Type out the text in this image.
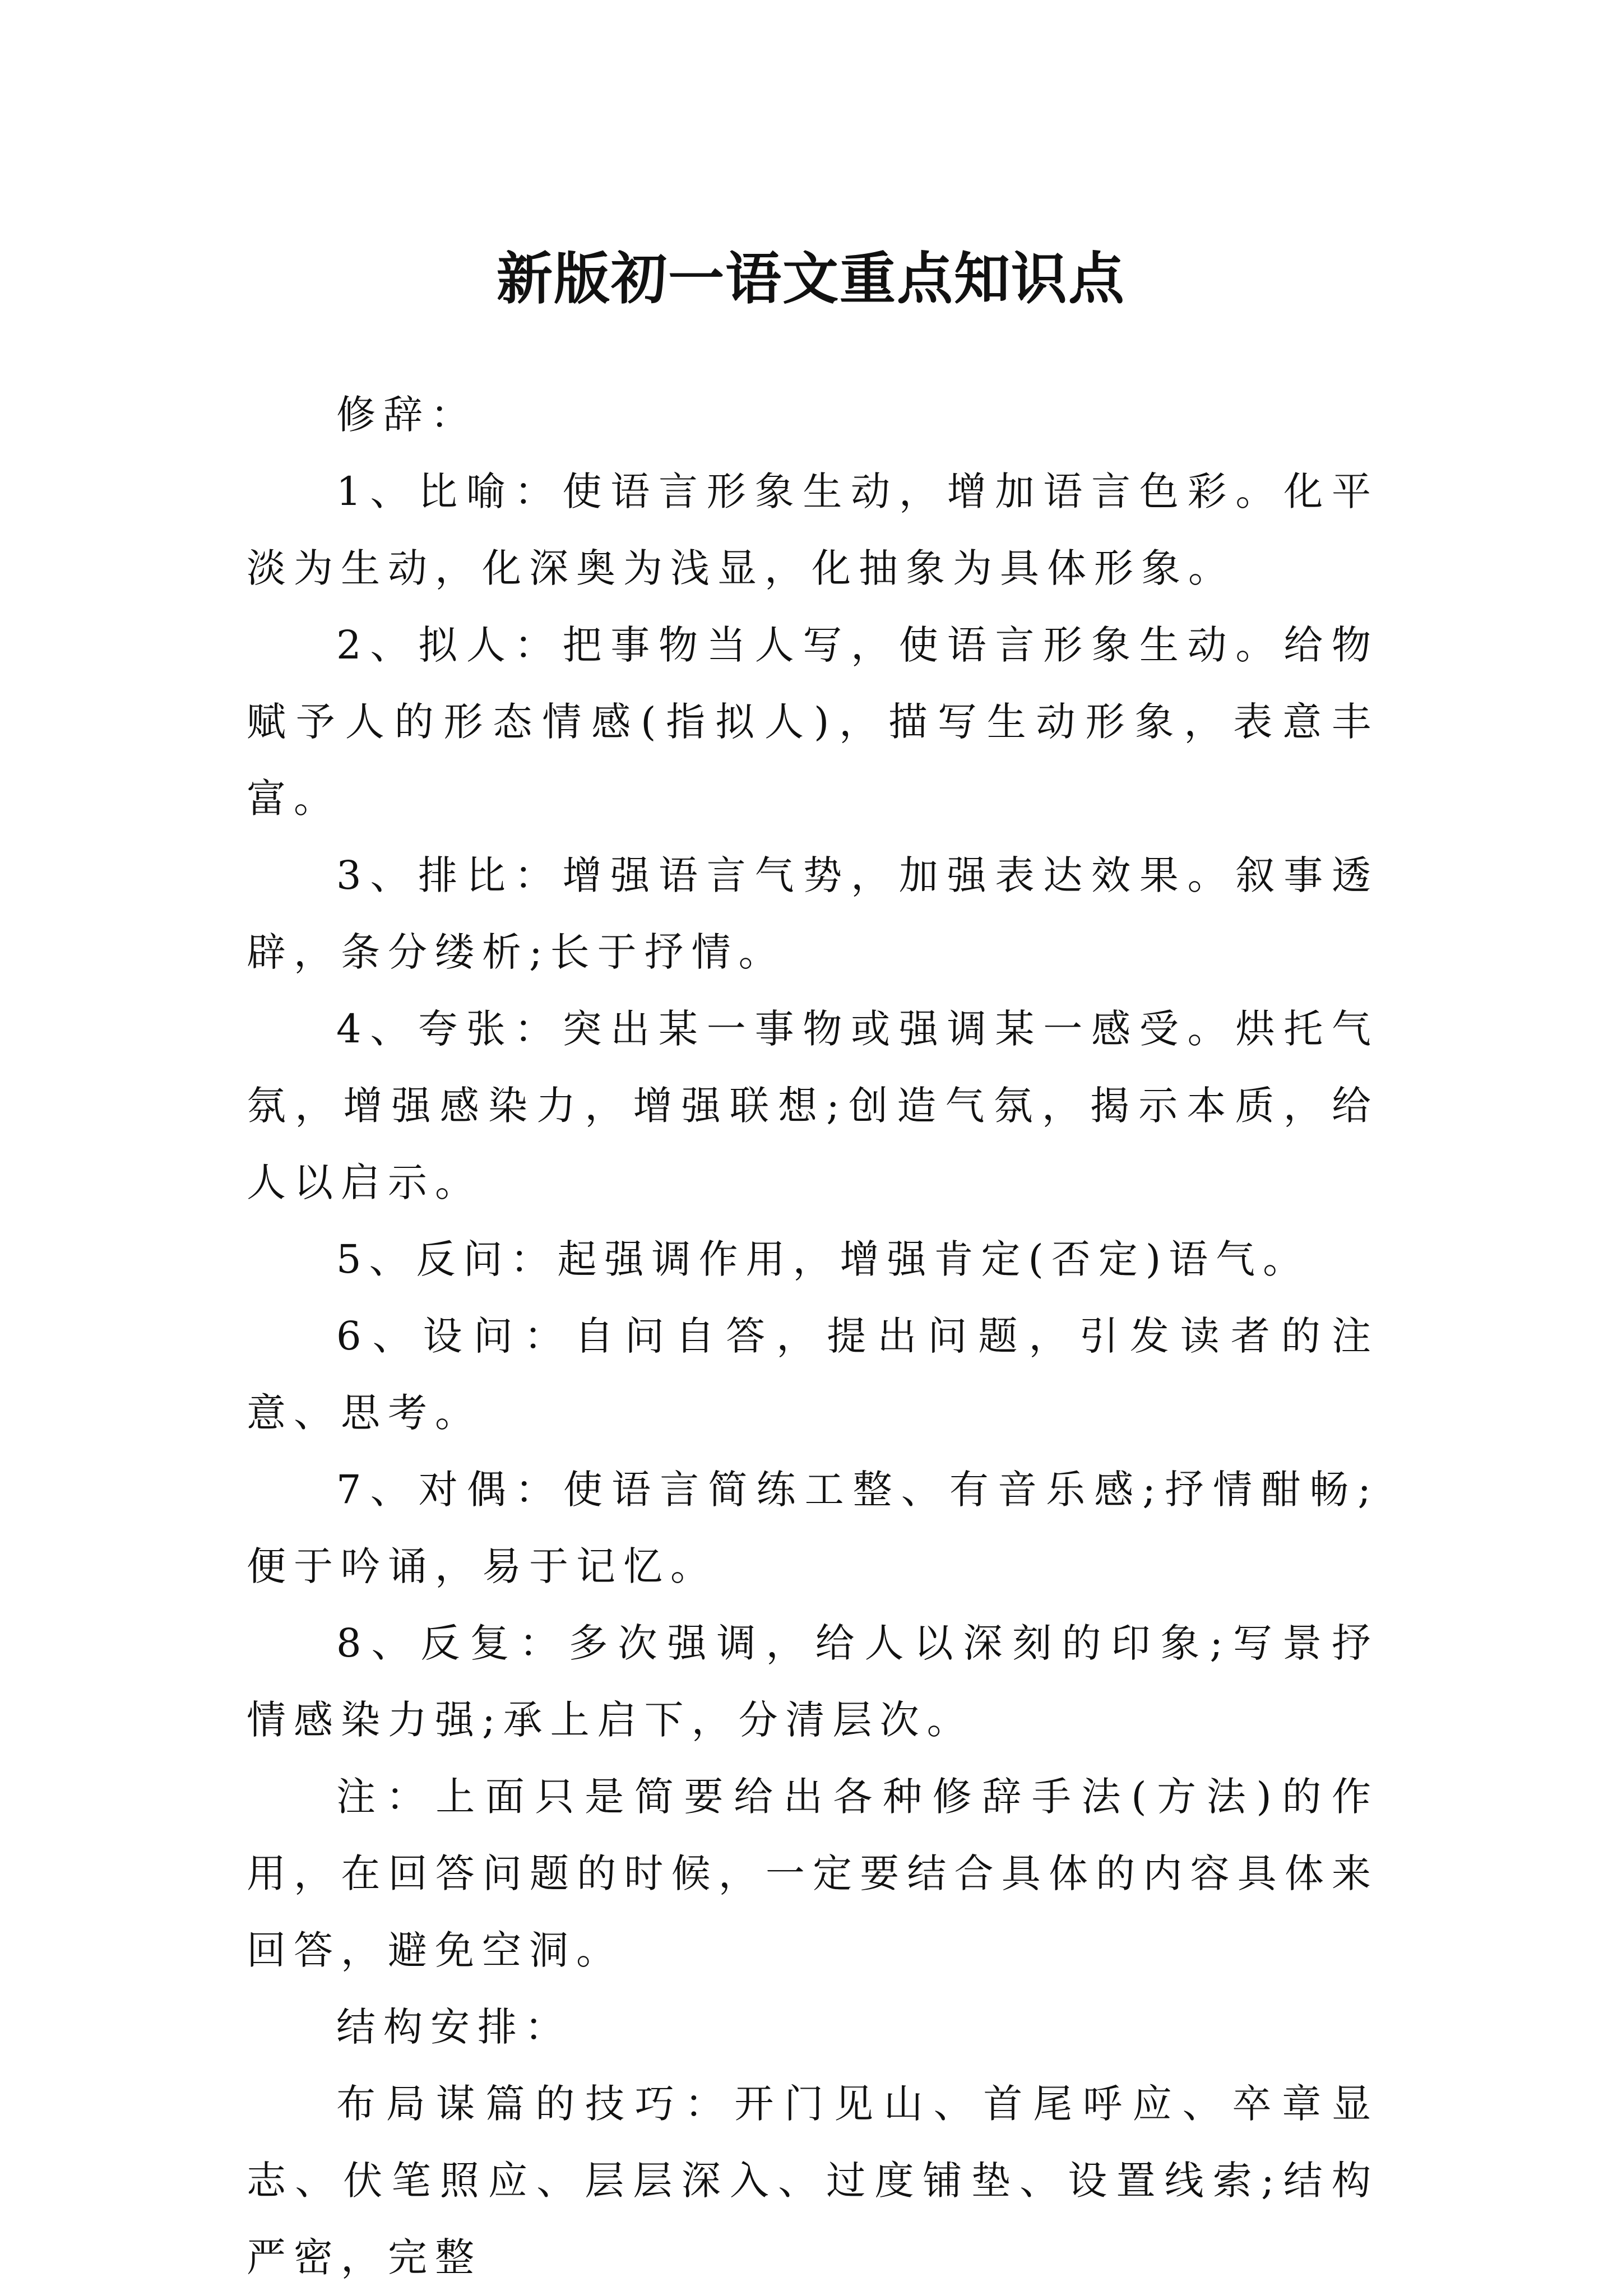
新版初一语文重点知识点

修辞：

1、比喻：使语言形象生动，增加语言色彩。化平淡为生动，化深奥为浅显，化抽象为具体形象。

2、拟人：把事物当人写，使语言形象生动。给物赋予人的形态情感(指拟人)，描写生动形象，表意丰富。

3、排比：增强语言气势，加强表达效果。叙事透辟，条分缕析;长于抒情。

4、夸张：突出某一事物或强调某一感受。烘托气氛，增强感染力，增强联想;创造气氛，揭示本质，给人以启示。

5、反问：起强调作用，增强肯定(否定)语气。

6、设问：自问自答，提出问题，引发读者的注意、思考。

7、对偶：使语言简练工整、有音乐感;抒情酣畅;便于吟诵，易于记忆。

8、反复：多次强调，给人以深刻的印象;写景抒情感染力强;承上启下，分清层次。

注：上面只是简要给出各种修辞手法(方法)的作用，在回答问题的时候，一定要结合具体的内容具体来回答，避免空洞。

结构安排：

布局谋篇的技巧：开门见山、首尾呼应、卒章显志、伏笔照应、层层深入、过度铺垫、设置线索;结构严密，完整
